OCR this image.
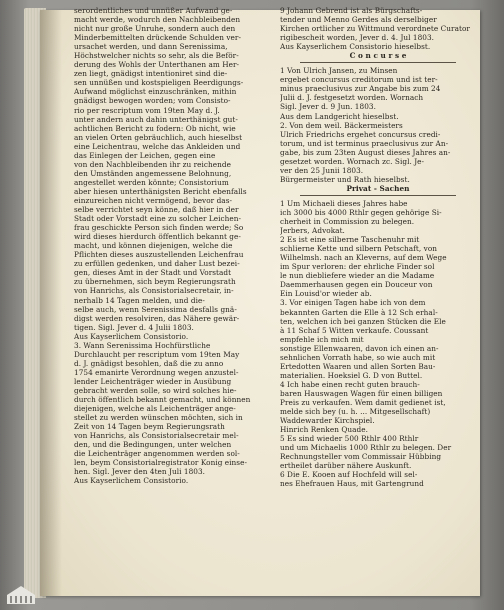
serordentliches und unnüßer Aufwand ge-
macht werde, wodurch den Nachbleibenden
nicht nur große Unruhe, sondern auch den
Minderbemittelten drückende Schulden ver-
ursachet werden, und dann Serenissima,
Höchstwelcher nichts so sehr, als die Beför-
derung des Wohls der Unterthanen am Her-
zen liegt, gnädigst intentioniret sind die-
sen unnüßen und kostspieligen Beerdigungs-
Aufwand möglichst einzuschränken, mithin
gnädigst bewogen worden; vom Consisto-
rio per rescriptum vom 19ten May d. J.
unter andern auch dahin unterthänigst gut-
achtlichen Bericht zu fodern: Ob nicht, wie
an vielen Orten gebräuchlich, auch hieselbst
eine Leichentrau, welche das Ankleiden und
das Einlegen der Leichen, gegen eine
von den Nachbleibenden ihr zu reichende
den Umständen angemessene Belohnung,
angestellet werden könnte; Consistorium
aber hiesen unterthänigsten Bericht ebenfalls
einzureichen nicht vermögend, bevor das-
selbe verrichtet seyn könne, daß hier in der
Stadt oder Vorstadt eine zu solcher Leichen-
frau geschickte Person sich finden werde; So
wird dieses hierdurch öffentlich bekannt ge-
macht, und können diejenigen, welche die
Pflichten dieses auszustellenden Leichenfrau
zu erfüllen gedenken, und daher Lust bezei-
gen, dieses Amt in der Stadt und Vorstadt
zu übernehmen, sich beym Regierungsrath
von Hanrichs, als Consistorialsecretair, in-
nerhalb 14 Tagen melden, und die-
selbe auch, wenn Serenissima desfalls gnä-
digst werden resolviren, das Nähere gewär-
tigen. Sigl. Jever d. 4 Julii 1803.
Aus Kayserlichem Consistorio.
3. Wann Serenissima Hochfürstliche
Durchlaucht per rescriptum vom 19ten May
d. J. gnädigst besohlen, daß die zu anno
1754 emanirte Verordnung wegen anzustel-
lender Leichenträger wieder in Ausübung
gebracht werden solle, so wird solches hie-
durch öffentlich bekannt gemacht, und können
diejenigen, welche als Leichenträger ange-
stellet zu werden wünschen möchten, sich in
Zeit von 14 Tagen beym Regierungsrath
von Hanrichs, als Consistorialsecretair mel-
den, und die Bedingungen, unter welchen
die Leichenträger angenommen werden sol-
len, beym Consistorialregistrator Konig einse-
hen. Sigl. Jever den 4ten Juli 1803.
Aus Kayserlichem Consistorio.
9 Johann Gebrend ist als Bürgschafts-
tender und Menno Gerdes als derselbiger
Kirchen ortlicher zu Wittmund verordnete Curator
rigibescheit worden, Jever d. 4. Jul 1803.
Aus Kayserlichem Consistorio hieselbst.
C o n c u r s e
1 Von Ulrich Jansen, zu Minsen
ergebet concursus creditorum und ist ter-
minus praeclusivus zur Angabe bis zum 24
Julii d. J. festgesetzt worden. Wornach
Sigl. Jever d. 9 Jun. 1803.
Aus dem Landgericht hieselbst.
2. Von dem weil. Bäckermeisters
Ulrich Friedrichs ergehet concursus credi-
torum, und ist terminus praeclusivus zur An-
gabe, bis zum 23ten August dieses Jahres an-
gesetzet worden. Wornach zc. Sigl. Je-
ver den 25 Junii 1803.
Bürgermeister und Rath hieselbst.
Privat - Sachen
1 Um Michaeli dieses Jahres habe
ich 3000 bis 4000 Rthlr gegen gehörige Si-
cherheit in Commission zu belegen.
Jerbers, Advokat.
2 Es ist eine silberne Taschenuhr mit
schlierne Kette und silbern Petschaft, von
Wilhelmsh. nach an Kleverns, auf dem Wege
im Spur verloren: der ehrliche Finder sol
le nun diebliefere wieder an die Madame
Daemmerhausen gegen ein Douceur von
Ein Louisd'or wieder ab.
3. Vor einigen Tagen habe ich von dem
bekannten Garten die Elle à 12 Sch erhal-
ten, welchen ich bei ganzen Stücken die Ele
à 11 Schaf 5 Witten verkaufe. Coussant
empfehle ich mich mit
sonstige Ellenwaaren, davon ich einen an-
sehnlichen Vorrath habe, so wie auch mit
Ertedotten Waaren und allen Sorten Bau-
materialien. Hoeksiel G. D von Buttel.
4 Ich habe einen recht guten brauch-
baren Hauswagen Wagen für einen billigen
Preis zu verkaufen. Wem damit gedienet ist,
melde sich bey (u. h. ... Mitgesellschaft)
Waddewarder Kirchspiel.
Hinrich Renken Quade.
5 Es sind wieder 500 Rthlr 400 Rthlr
und um Michaelis 1000 Rthlr zu belegen. Der
Rechnungsteller vom Commissair Hübbing
ertheilet darüber nähere Auskunft.
6 Die E. Kooen auf Hochfeld will sel-
nes Ehefrauen Haus, mit Gartengrund
